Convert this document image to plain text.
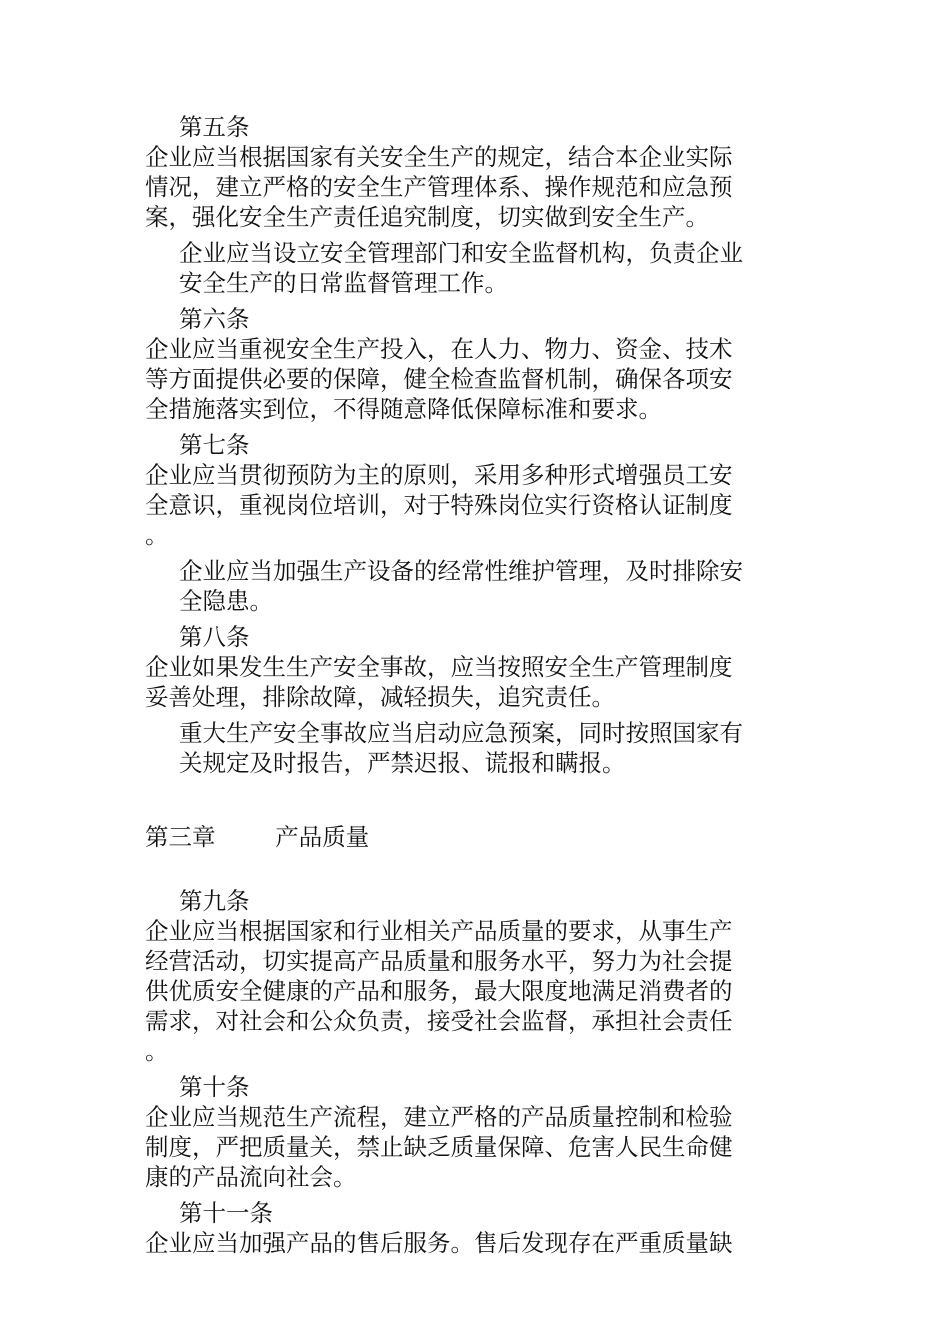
第五条
企业应当根据国家有关安全生产的规定，结合本企业实际
情况，建立严格的安全生产管理体系、操作规范和应急预
案，强化安全生产责任追究制度，切实做到安全生产。
企业应当设立安全管理部门和安全监督机构，负责企业
安全生产的日常监督管理工作。
第六条
企业应当重视安全生产投入，在人力、物力、资金、技术
等方面提供必要的保障，健全检查监督机制，确保各项安
全措施落实到位，不得随意降低保障标准和要求。
第七条
企业应当贯彻预防为主的原则，采用多种形式增强员工安
全意识，重视岗位培训，对于特殊岗位实行资格认证制度
。
企业应当加强生产设备的经常性维护管理，及时排除安
全隐患。
第八条
企业如果发生生产安全事故，应当按照安全生产管理制度
妥善处理，排除故障，减轻损失，追究责任。
重大生产安全事故应当启动应急预案，同时按照国家有
关规定及时报告，严禁迟报、谎报和瞒报。
第三章        产品质量
第九条
企业应当根据国家和行业相关产品质量的要求，从事生产
经营活动，切实提高产品质量和服务水平，努力为社会提
供优质安全健康的产品和服务，最大限度地满足消费者的
需求，对社会和公众负责，接受社会监督，承担社会责任
。
第十条
企业应当规范生产流程，建立严格的产品质量控制和检验
制度，严把质量关，禁止缺乏质量保障、危害人民生命健
康的产品流向社会。
第十一条
企业应当加强产品的售后服务。售后发现存在严重质量缺
